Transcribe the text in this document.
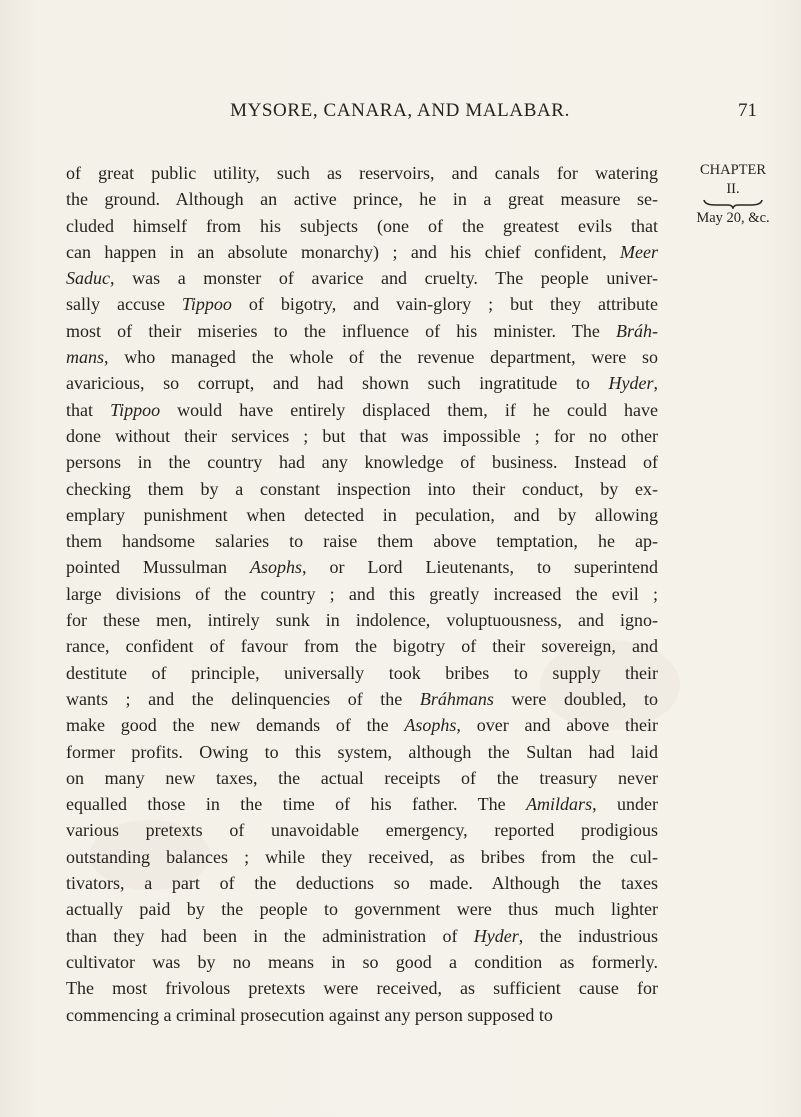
MYSORE, CANARA, AND MALABAR.	71
CHAPTER
II.
May 20, &c.
of great public utility, such as reservoirs, and canals for watering
the ground. Although an active prince, he in a great measure se-
cluded himself from his subjects (one of the greatest evils that
can happen in an absolute monarchy) ; and his chief confident, Meer
Saduc, was a monster of avarice and cruelty. The people univer-
sally accuse Tippoo of bigotry, and vain-glory ; but they attribute
most of their miseries to the influence of his minister. The Bráh-
mans, who managed the whole of the revenue department, were so
avaricious, so corrupt, and had shown such ingratitude to Hyder,
that Tippoo would have entirely displaced them, if he could have
done without their services ; but that was impossible ; for no other
persons in the country had any knowledge of business. Instead of
checking them by a constant inspection into their conduct, by ex-
emplary punishment when detected in peculation, and by allowing
them handsome salaries to raise them above temptation, he ap-
pointed Mussulman Asophs, or Lord Lieutenants, to superintend
large divisions of the country ; and this greatly increased the evil ;
for these men, intirely sunk in indolence, voluptuousness, and igno-
rance, confident of favour from the bigotry of their sovereign, and
destitute of principle, universally took bribes to supply their
wants ; and the delinquencies of the Bráhmans were doubled, to
make good the new demands of the Asophs, over and above their
former profits. Owing to this system, although the Sultan had laid
on many new taxes, the actual receipts of the treasury never
equalled those in the time of his father. The Amildars, under
various pretexts of unavoidable emergency, reported prodigious
outstanding balances ; while they received, as bribes from the cul-
tivators, a part of the deductions so made. Although the taxes
actually paid by the people to government were thus much lighter
than they had been in the administration of Hyder, the industrious
cultivator was by no means in so good a condition as formerly.
The most frivolous pretexts were received, as sufficient cause for
commencing a criminal prosecution against any person supposed to
